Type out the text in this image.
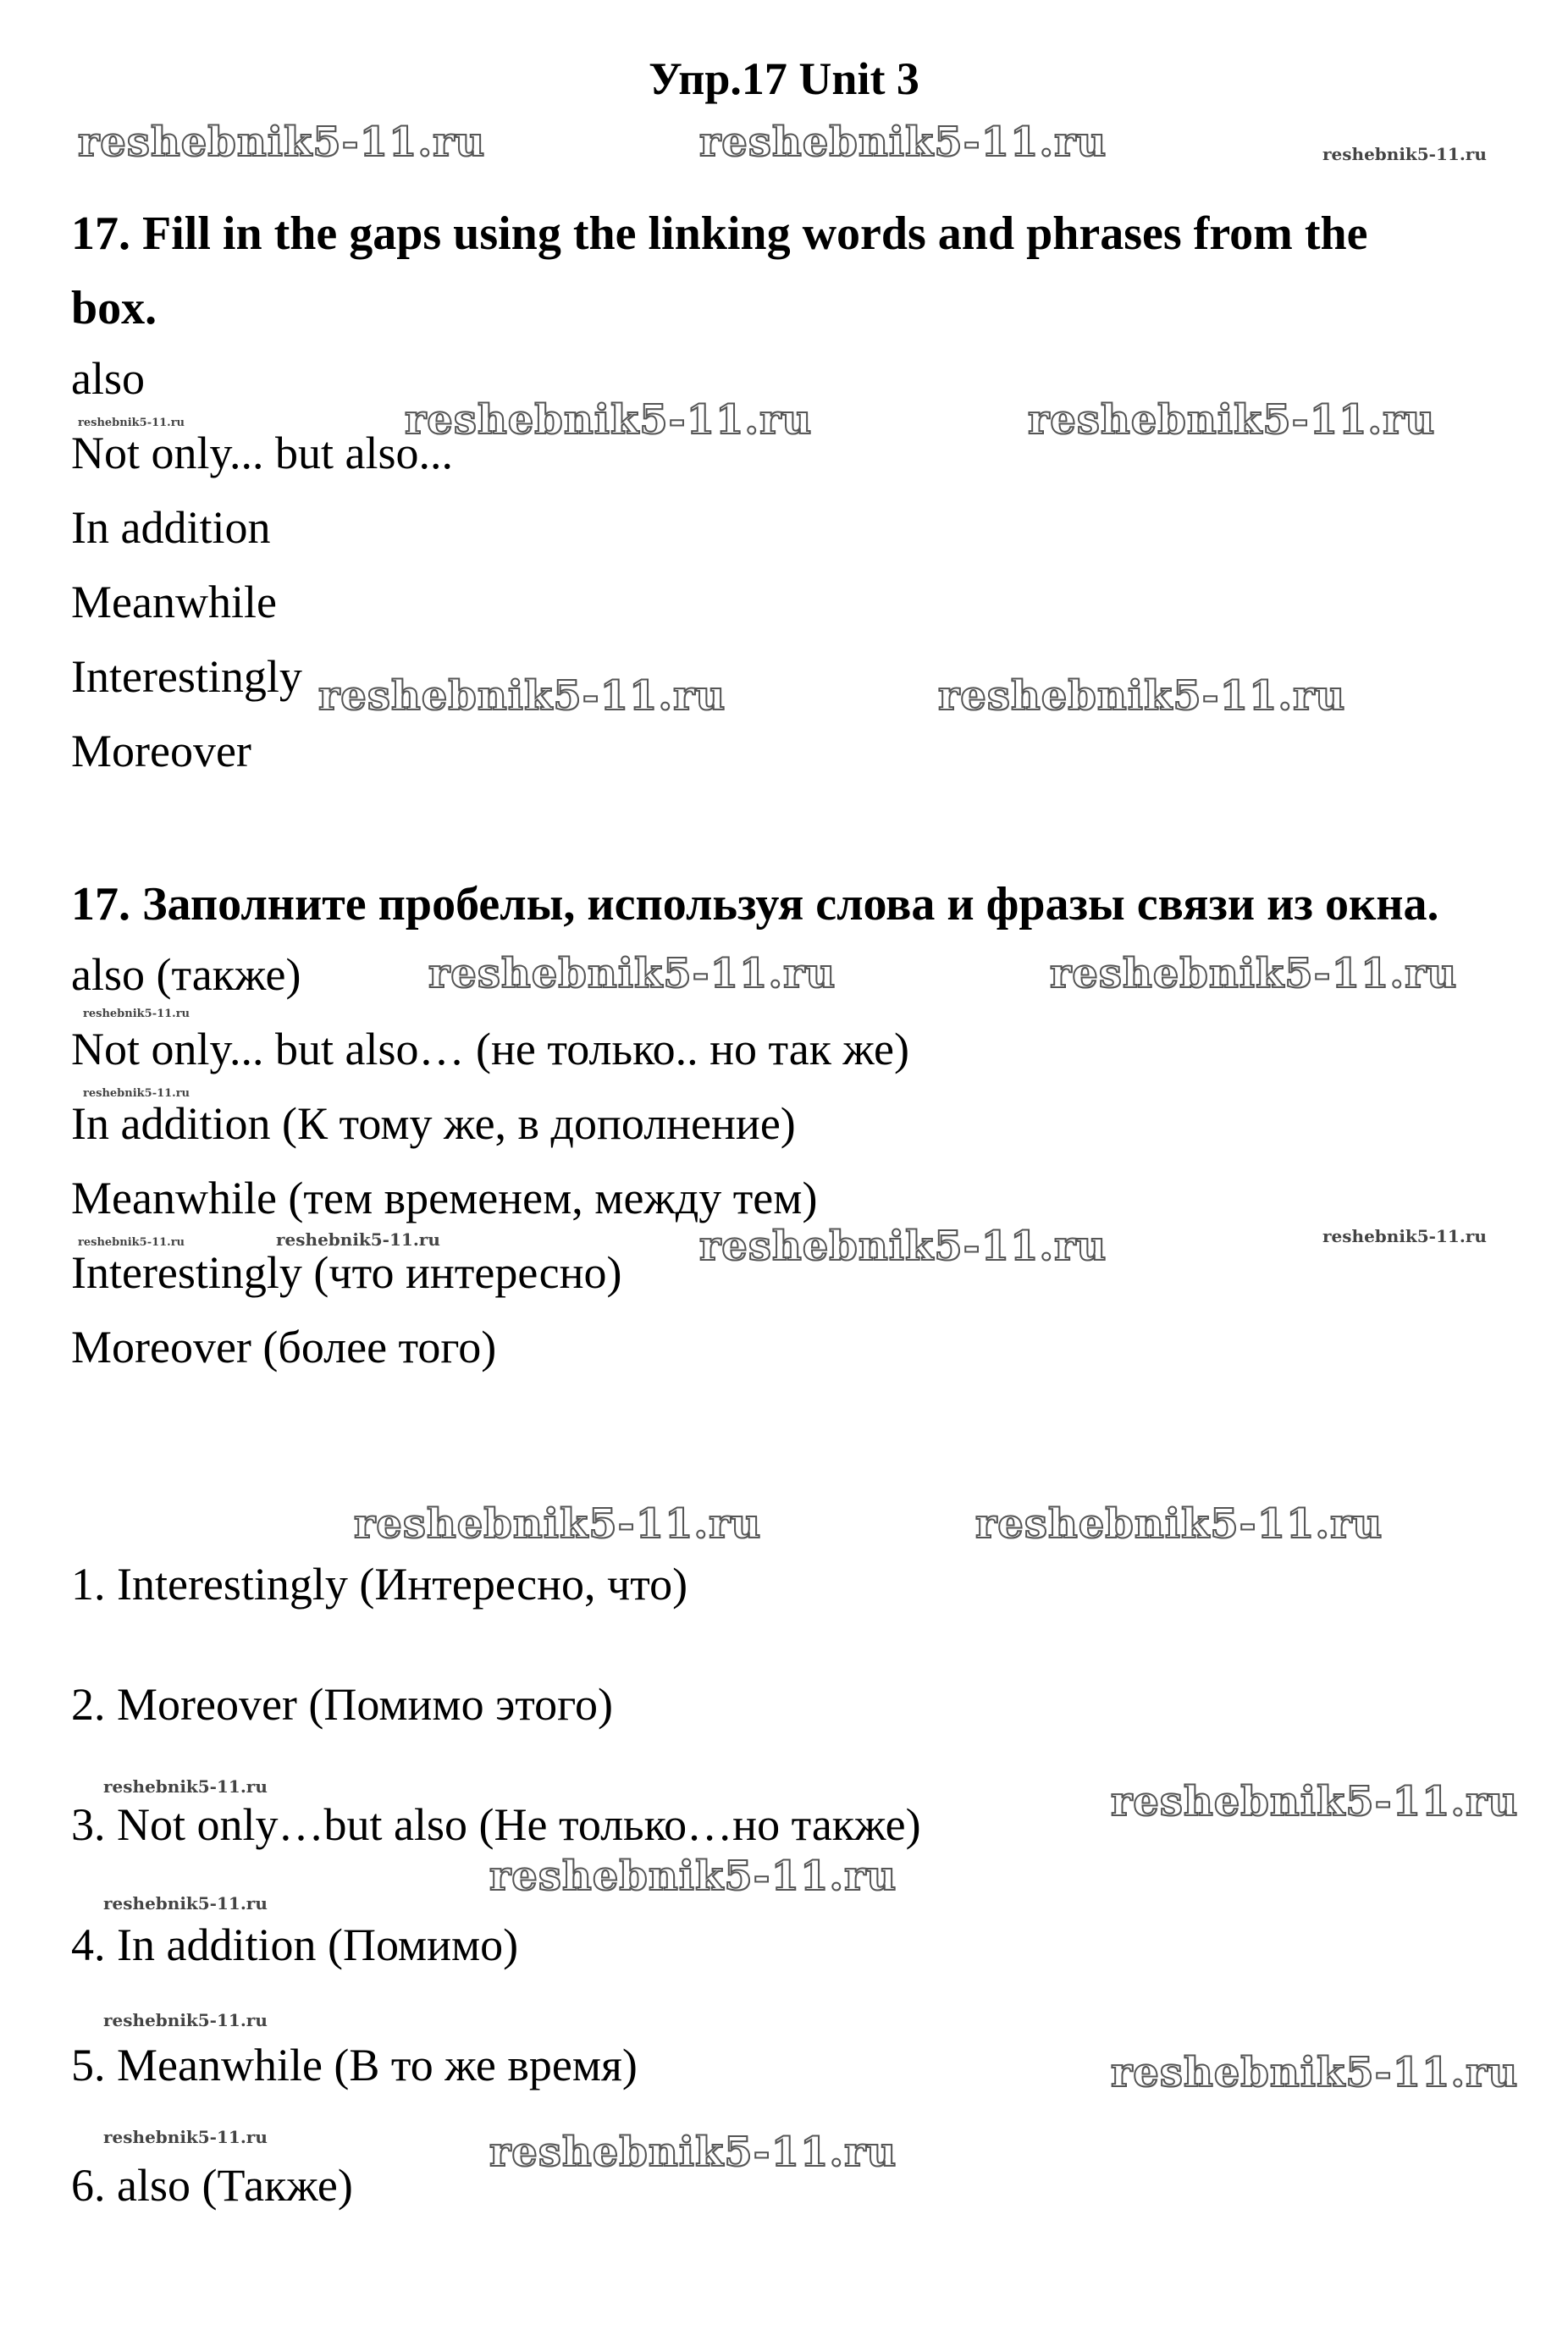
Упр.17 Unit 3
17. Fill in the gaps using the linking words and phrases from the
box.
also
Not only... but also...
In addition
Meanwhile
Interestingly
Moreover
17. Заполните пробелы, используя слова и фразы связи из окна.
also (также)
Not only... but also… (не только.. но так же)
In addition (К тому же, в дополнение)
Meanwhile (тем временем, между тем)
Interestingly (что интересно)
Moreover (более того)
1. Interestingly (Интересно, что)
2. Moreover (Помимо этого)
3. Not only…but also (Не только…но также)
4. In addition (Помимо)
5. Meanwhile (В то же время)
6. also (Также)
reshebnik5-11.ru	reshebnik5-11.ru	reshebnik5-11.ru
reshebnik5-11.ru	reshebnik5-11.ru
reshebnik5-11.ru
reshebnik5-11.ru	reshebnik5-11.ru
reshebnik5-11.ru	reshebnik5-11.ru
reshebnik5-11.ru
reshebnik5-11.ru
reshebnik5-11.ru	reshebnik5-11.ru	reshebnik5-11.ru	reshebnik5-11.ru
reshebnik5-11.ru	reshebnik5-11.ru
reshebnik5-11.ru	reshebnik5-11.ru
reshebnik5-11.ru
reshebnik5-11.ru
reshebnik5-11.ru
reshebnik5-11.ru
reshebnik5-11.ru	reshebnik5-11.ru
